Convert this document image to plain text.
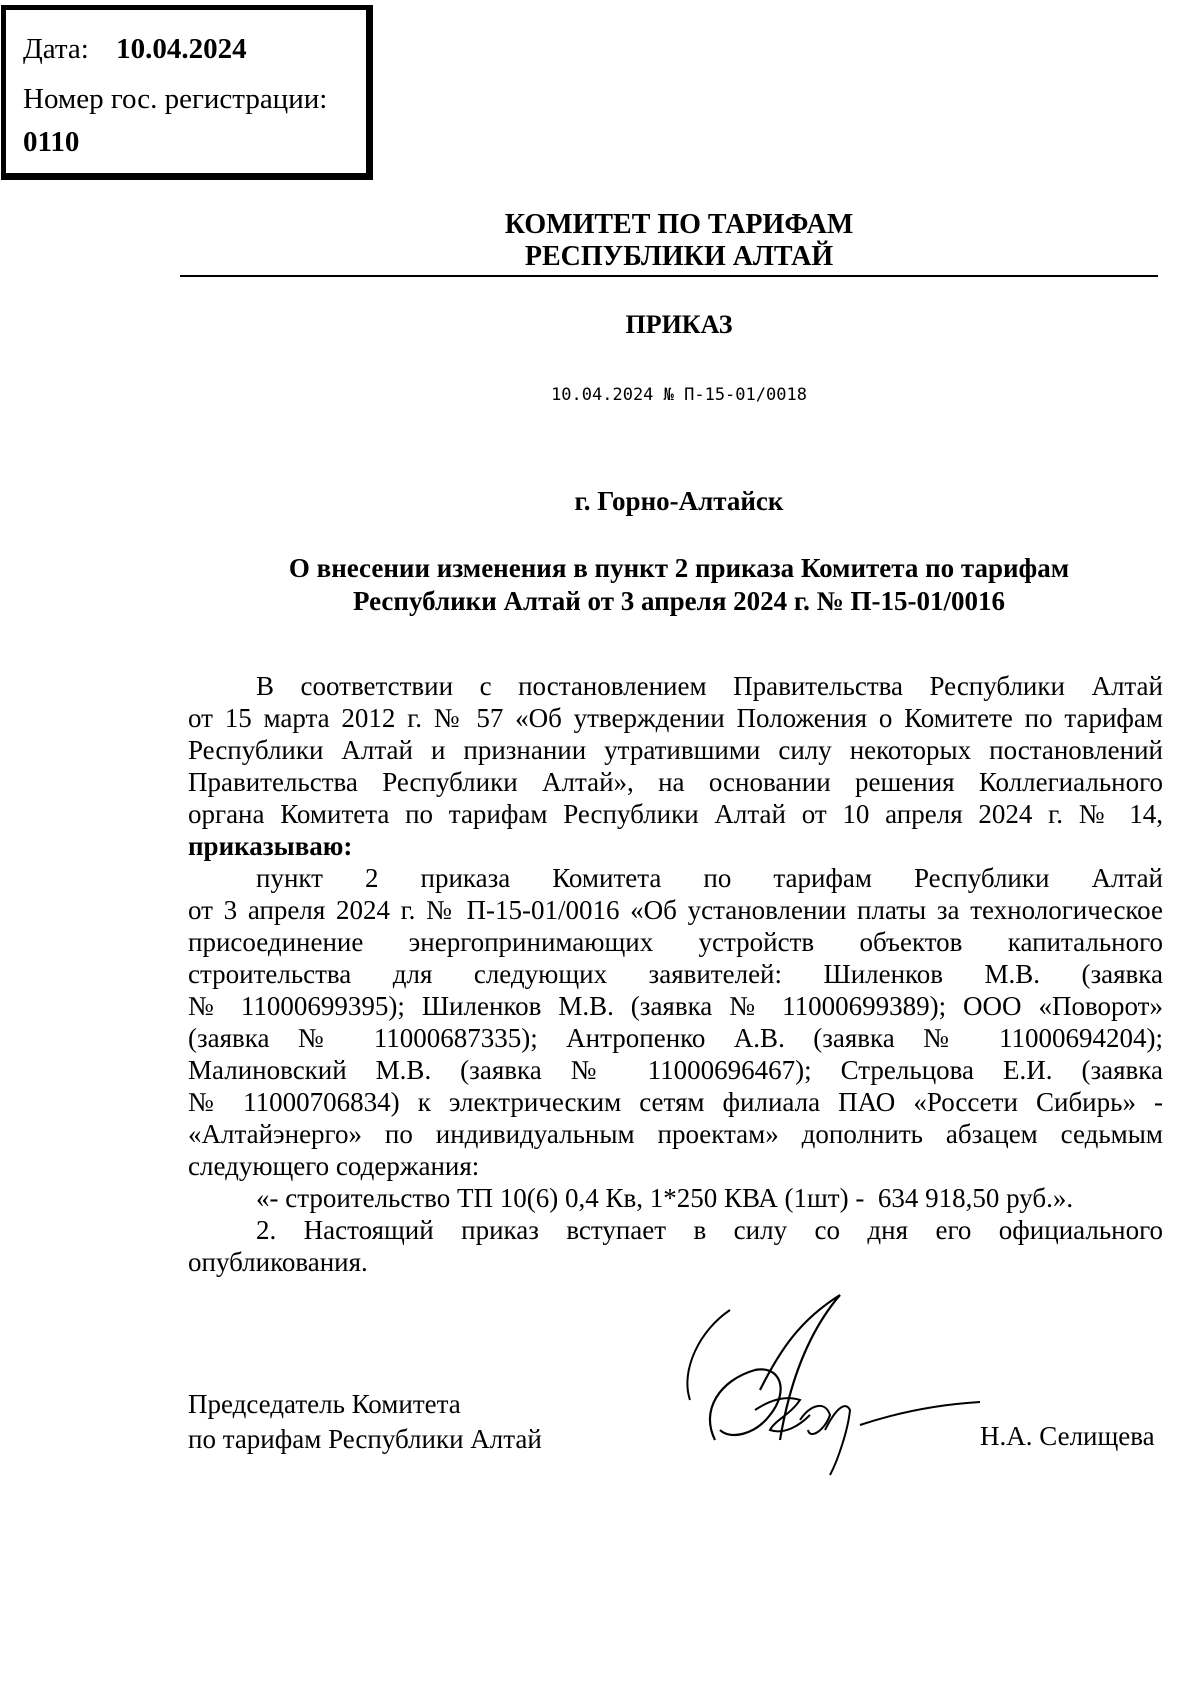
Дата: 10.04.2024
Номер гос. регистрации:
0110
КОМИТЕТ ПО ТАРИФАМ
РЕСПУБЛИКИ АЛТАЙ
ПРИКАЗ
10.04.2024 № П-15-01/0018
г. Горно-Алтайск
О внесении изменения в пункт 2 приказа Комитета по тарифам
Республики Алтай от 3 апреля 2024 г. № П-15-01/0016
В соответствии с постановлением Правительства Республики Алтай
от 15 марта 2012 г. № 57 «Об утверждении Положения о Комитете по тарифам
Республики Алтай и признании утратившими силу некоторых постановлений
Правительства Республики Алтай», на основании решения Коллегиального
органа Комитета по тарифам Республики Алтай от 10 апреля 2024 г. № 14,
приказываю:
пункт 2 приказа Комитета по тарифам Республики Алтай
от 3 апреля 2024 г. № П-15-01/0016 «Об установлении платы за технологическое
присоединение энергопринимающих устройств объектов капитального
строительства для следующих заявителей: Шиленков М.В. (заявка
№ 11000699395); Шиленков М.В. (заявка № 11000699389); ООО «Поворот»
(заявка № 11000687335); Антропенко А.В. (заявка № 11000694204);
Малиновский М.В. (заявка № 11000696467); Стрельцова Е.И. (заявка
№ 11000706834) к электрическим сетям филиала ПАО «Россети Сибирь» -
«Алтайэнерго» по индивидуальным проектам» дополнить абзацем седьмым
следующего содержания:
«- строительство ТП 10(6) 0,4 Кв, 1*250 КВА (1шт) -  634 918,50 руб.».
2. Настоящий приказ вступает в силу со дня его официального
опубликования.
Председатель Комитета
по тарифам Республики Алтай	Н.А. Селищева
